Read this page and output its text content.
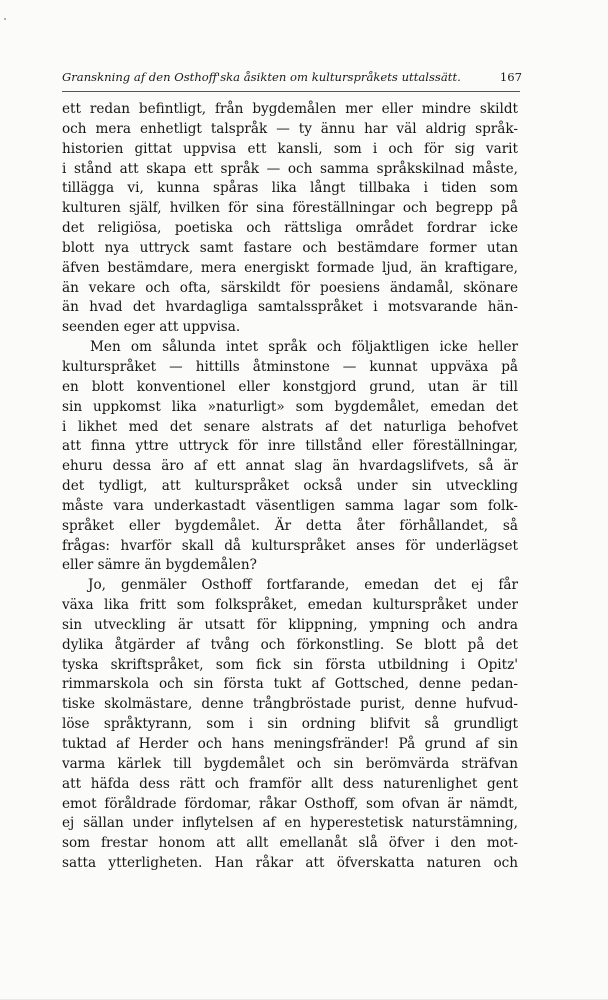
Granskning af den Osthoff'ska åsikten om kulturspråkets uttalssätt.	167
ett redan befintligt, från bygdemålen mer eller mindre skildt
och mera enhetligt talspråk — ty ännu har väl aldrig språk-
historien gittat uppvisa ett kansli, som i och för sig varit
i stånd att skapa ett språk — och samma språkskilnad måste,
tillägga vi, kunna spåras lika långt tillbaka i tiden som
kulturen själf, hvilken för sina föreställningar och begrepp på
det religiösa, poetiska och rättsliga området fordrar icke
blott nya uttryck samt fastare och bestämdare former utan
äfven bestämdare, mera energiskt formade ljud, än kraftigare,
än vekare och ofta, särskildt för poesiens ändamål, skönare
än hvad det hvardagliga samtalsspråket i motsvarande hän-
seenden eger att uppvisa.
Men om sålunda intet språk och följaktligen icke heller
kulturspråket — hittills åtminstone — kunnat uppväxa på
en blott konventionel eller konstgjord grund, utan är till
sin uppkomst lika »naturligt» som bygdemålet, emedan det
i likhet med det senare alstrats af det naturliga behofvet
att finna yttre uttryck för inre tillstånd eller föreställningar,
ehuru dessa äro af ett annat slag än hvardagslifvets, så är
det tydligt, att kulturspråket också under sin utveckling
måste vara underkastadt väsentligen samma lagar som folk-
språket eller bygdemålet. Är detta åter förhållandet, så
frågas: hvarför skall då kulturspråket anses för underlägset
eller sämre än bygdemålen?
Jo, genmäler Osthoff fortfarande, emedan det ej får
växa lika fritt som folkspråket, emedan kulturspråket under
sin utveckling är utsatt för klippning, ympning och andra
dylika åtgärder af tvång och förkonstling. Se blott på det
tyska skriftspråket, som fick sin första utbildning i Opitz'
rimmarskola och sin första tukt af Gottsched, denne pedan-
tiske skolmästare, denne trångbröstade purist, denne hufvud-
löse språktyrann, som i sin ordning blifvit så grundligt
tuktad af Herder och hans meningsfränder! På grund af sin
varma kärlek till bygdemålet och sin berömvärda sträfvan
att häfda dess rätt och framför allt dess naturenlighet gent
emot föråldrade fördomar, råkar Osthoff, som ofvan är nämdt,
ej sällan under inflytelsen af en hyperestetisk naturstämning,
som frestar honom att allt emellanåt slå öfver i den mot-
satta ytterligheten. Han råkar att öfverskatta naturen och
